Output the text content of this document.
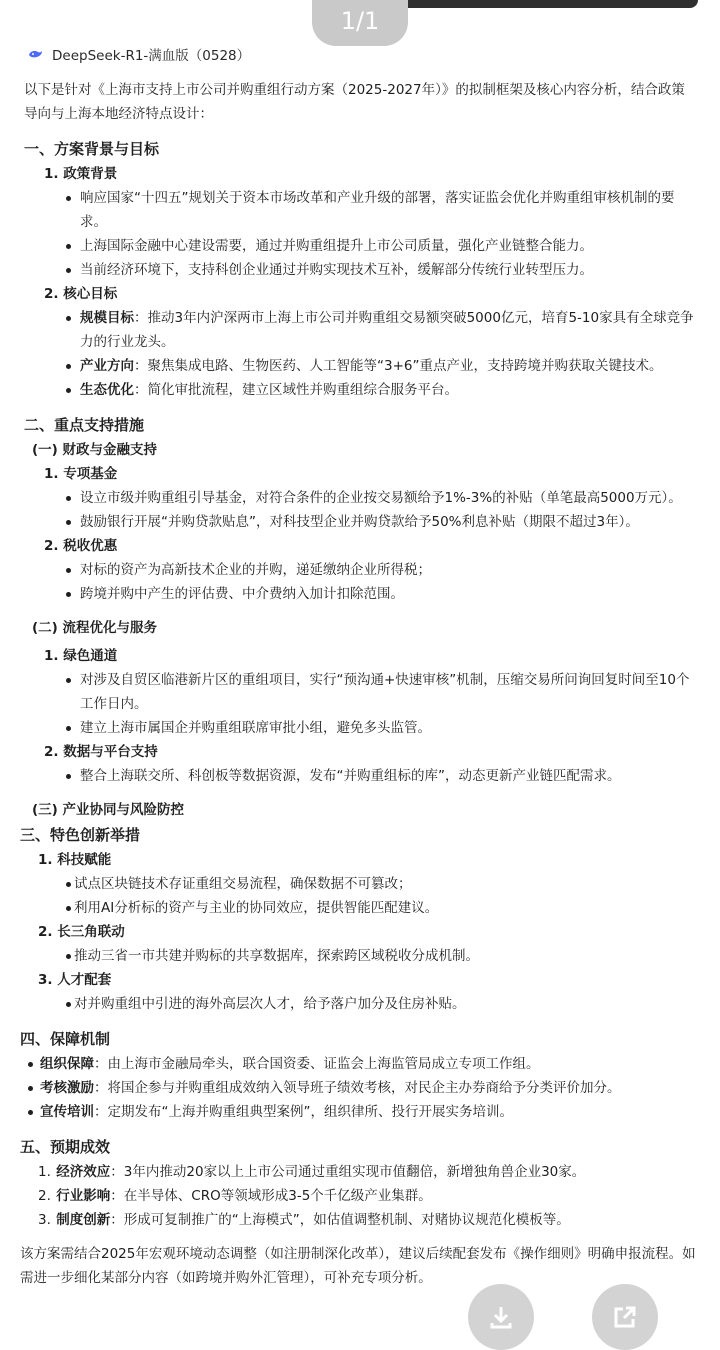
1/1
DeepSeek-R1-满血版（0528）

以下是针对《上海市支持上市公司并购重组行动方案（2025-2027年）》的拟制框架及核心内容分析，结合政策导向与上海本地经济特点设计：

一、方案背景与目标
1. 政策背景
响应国家“十四五”规划关于资本市场改革和产业升级的部署，落实证监会优化并购重组审核机制的要求。
上海国际金融中心建设需要，通过并购重组提升上市公司质量，强化产业链整合能力。
当前经济环境下，支持科创企业通过并购实现技术互补，缓解部分传统行业转型压力。
2. 核心目标
规模目标：推动3年内沪深两市上海上市公司并购重组交易额突破5000亿元，培育5-10家具有全球竞争力的行业龙头。
产业方向：聚焦集成电路、生物医药、人工智能等“3+6”重点产业，支持跨境并购获取关键技术。
生态优化：简化审批流程，建立区域性并购重组综合服务平台。
二、重点支持措施
(一) 财政与金融支持
1. 专项基金
设立市级并购重组引导基金，对符合条件的企业按交易额给予1%-3%的补贴（单笔最高5000万元）。
鼓励银行开展“并购贷款贴息”，对科技型企业并购贷款给予50%利息补贴（期限不超过3年）。
2. 税收优惠
对标的资产为高新技术企业的并购，递延缴纳企业所得税；
跨境并购中产生的评估费、中介费纳入加计扣除范围。
(二) 流程优化与服务
1. 绿色通道
对涉及自贸区临港新片区的重组项目，实行“预沟通+快速审核”机制，压缩交易所问询回复时间至10个工作日内。
建立上海市属国企并购重组联席审批小组，避免多头监管。
2. 数据与平台支持
整合上海联交所、科创板等数据资源，发布“并购重组标的库”，动态更新产业链匹配需求。
(三) 产业协同与风险防控
三、特色创新举措
1. 科技赋能
试点区块链技术存证重组交易流程，确保数据不可篡改；
利用AI分析标的资产与主业的协同效应，提供智能匹配建议。
2. 长三角联动
推动三省一市共建并购标的共享数据库，探索跨区域税收分成机制。
3. 人才配套
对并购重组中引进的海外高层次人才，给予落户加分及住房补贴。
四、保障机制
组织保障：由上海市金融局牵头，联合国资委、证监会上海监管局成立专项工作组。
考核激励：将国企参与并购重组成效纳入领导班子绩效考核，对民企主办券商给予分类评价加分。
宣传培训：定期发布“上海并购重组典型案例”，组织律所、投行开展实务培训。
五、预期成效
1. 经济效应：3年内推动20家以上上市公司通过重组实现市值翻倍，新增独角兽企业30家。
2. 行业影响：在半导体、CRO等领域形成3-5个千亿级产业集群。
3. 制度创新：形成可复制推广的“上海模式”，如估值调整机制、对赌协议规范化模板等。

该方案需结合2025年宏观环境动态调整（如注册制深化改革），建议后续配套发布《操作细则》明确申报流程。如需进一步细化某部分内容（如跨境并购外汇管理），可补充专项分析。
